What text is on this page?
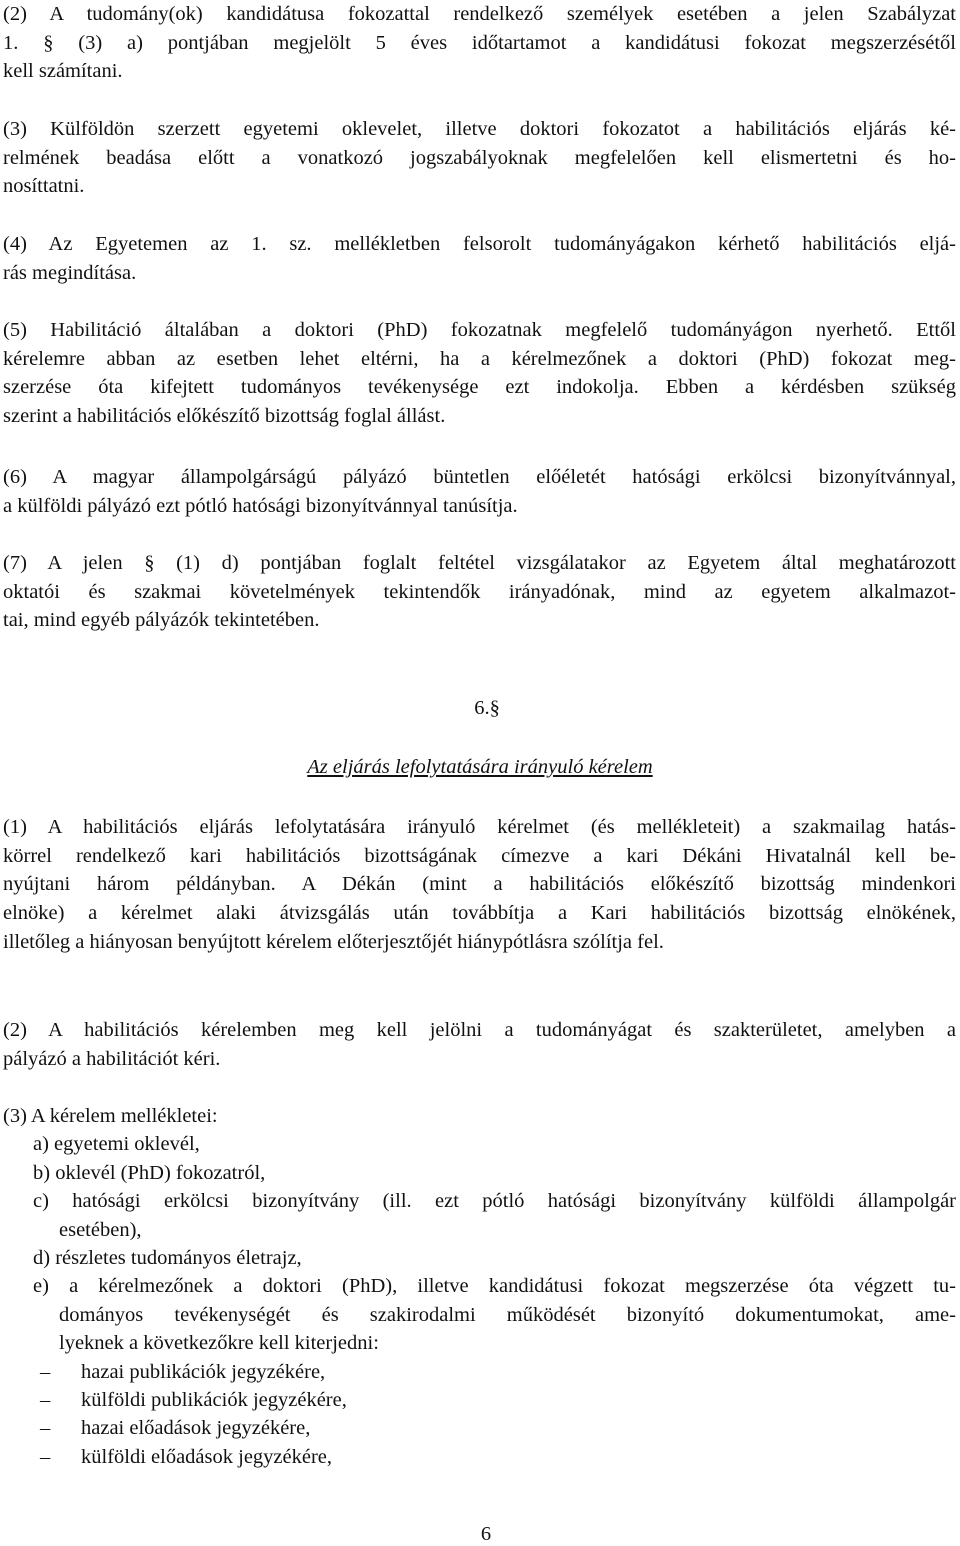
(2) A tudomány(ok) kandidátusa fokozattal rendelkező személyek esetében a jelen Szabályzat
1. § (3) a) pontjában megjelölt 5 éves időtartamot a kandidátusi fokozat megszerzésétől
kell számítani.
(3) Külföldön szerzett egyetemi oklevelet, illetve doktori fokozatot a habilitációs eljárás ké-
relmének beadása előtt a vonatkozó jogszabályoknak megfelelően kell elismertetni és ho-
nosíttatni.
(4) Az Egyetemen az 1. sz. mellékletben felsorolt tudományágakon kérhető habilitációs eljá-
rás megindítása.
(5) Habilitáció általában a doktori (PhD) fokozatnak megfelelő tudományágon nyerhető. Ettől
kérelemre abban az esetben lehet eltérni, ha a kérelmezőnek a doktori (PhD) fokozat meg-
szerzése óta kifejtett tudományos tevékenysége ezt indokolja. Ebben a kérdésben szükség
szerint a habilitációs előkészítő bizottság foglal állást.
(6) A magyar állampolgárságú pályázó büntetlen előéletét hatósági erkölcsi bizonyítvánnyal,
a külföldi pályázó ezt pótló hatósági bizonyítvánnyal tanúsítja.
(7) A jelen § (1) d) pontjában foglalt feltétel vizsgálatakor az Egyetem által meghatározott
oktatói és szakmai követelmények tekintendők irányadónak, mind az egyetem alkalmazot-
tai, mind egyéb pályázók tekintetében.
6.§
Az eljárás lefolytatására irányuló kérelem
(1) A habilitációs eljárás lefolytatására irányuló kérelmet (és mellékleteit) a szakmailag hatás-
körrel rendelkező kari habilitációs bizottságának címezve a kari Dékáni Hivatalnál kell be-
nyújtani három példányban. A Dékán (mint a habilitációs előkészítő bizottság mindenkori
elnöke) a kérelmet alaki átvizsgálás után továbbítja a Kari habilitációs bizottság elnökének,
illetőleg a hiányosan benyújtott kérelem előterjesztőjét hiánypótlásra szólítja fel.
(2) A habilitációs kérelemben meg kell jelölni a tudományágat és szakterületet, amelyben a
pályázó a habilitációt kéri.
(3) A kérelem mellékletei:
a) egyetemi oklevél,
b) oklevél (PhD) fokozatról,
c) hatósági erkölcsi bizonyítvány (ill. ezt pótló hatósági bizonyítvány külföldi állampolgár
esetében),
d) részletes tudományos életrajz,
e) a kérelmezőnek a doktori (PhD), illetve kandidátusi fokozat megszerzése óta végzett tu-
dományos tevékenységét és szakirodalmi működését bizonyító dokumentumokat, ame-
lyeknek a következőkre kell kiterjedni:
– hazai publikációk jegyzékére,
– külföldi publikációk jegyzékére,
– hazai előadások jegyzékére,
– külföldi előadások jegyzékére,
6
